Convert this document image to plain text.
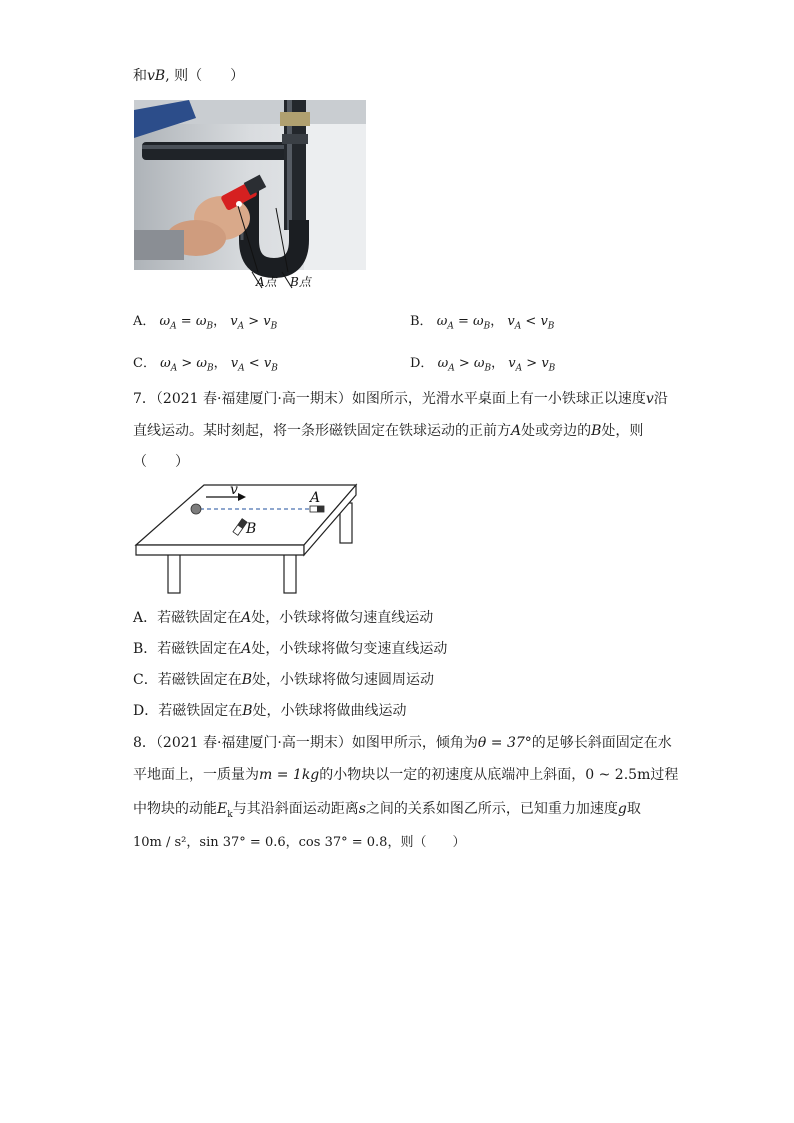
和vB, 则（　　）
A点 B点
A． $\omega_A = \omega_B$， $v_A > v_B$	B． $\omega_A = \omega_B$， $v_A < v_B$
C． $\omega_A > \omega_B$， $v_A < v_B$	D． $\omega_A > \omega_B$， $v_A > v_B$
7．（2021 春·福建厦门·高一期末）如图所示，光滑水平桌面上有一小铁球正以速度v沿
直线运动。某时刻起，将一条形磁铁固定在铁球运动的正前方A处或旁边的B处，则
（　　）
v	A
B
A．若磁铁固定在A处，小铁球将做匀速直线运动
B．若磁铁固定在A处，小铁球将做匀变速直线运动
C．若磁铁固定在B处，小铁球将做匀速圆周运动
D．若磁铁固定在B处，小铁球将做曲线运动
8．（2021 春·福建厦门·高一期末）如图甲所示，倾角为θ = 37°的足够长斜面固定在水
平地面上，一质量为m = 1kg的小物块以一定的初速度从底端冲上斜面，0 ~ 2.5m过程
中物块的动能$E_k$与其沿斜面运动距离s之间的关系如图乙所示，已知重力加速度g取
10m / s²，sin 37° = 0.6，cos 37° = 0.8，则（　　）
